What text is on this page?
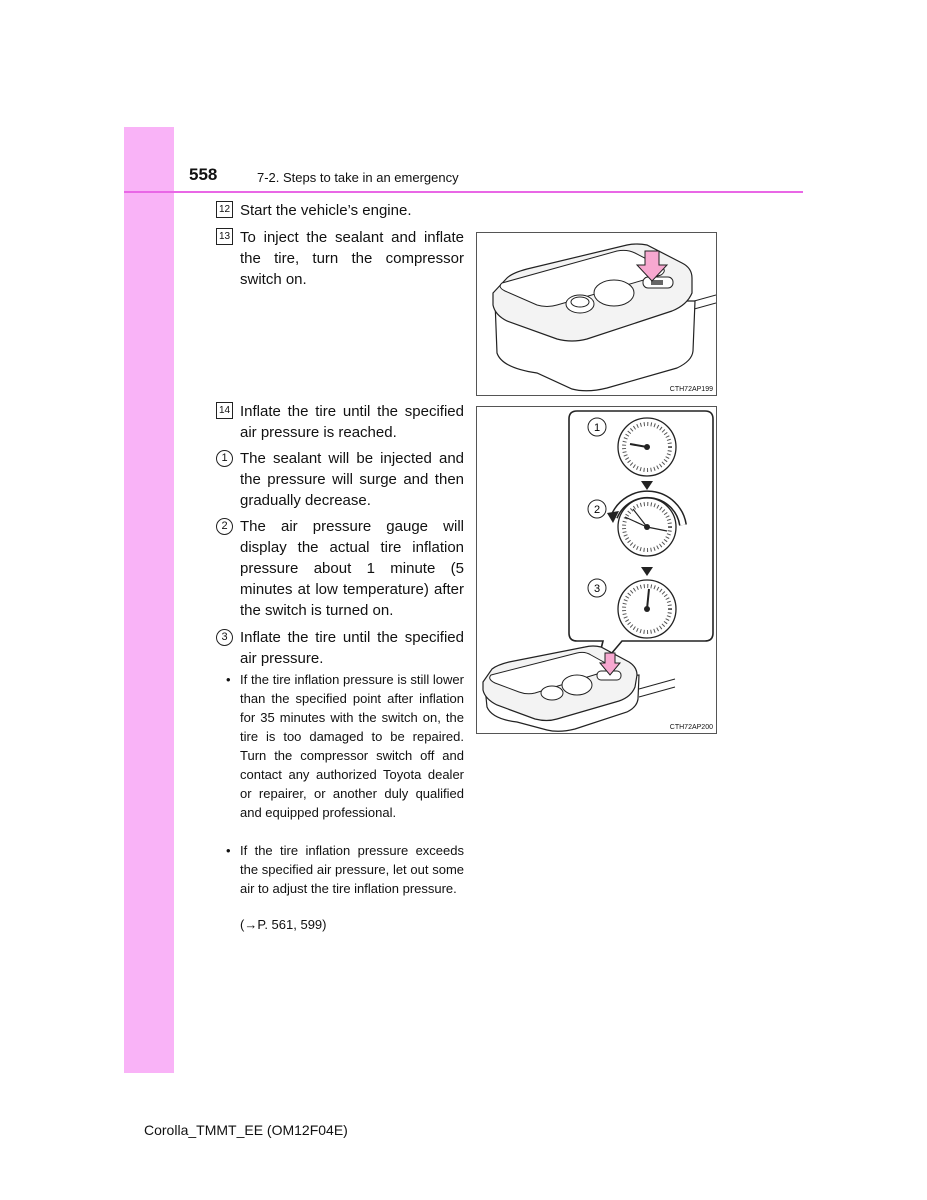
558	7-2. Steps to take in an emergency
12 Start the vehicle’s engine.
13 To inject the sealant and inflate the tire, turn the compressor switch on.
14 Inflate the tire until the specified air pressure is reached.
1 The sealant will be injected and the pressure will surge and then gradually decrease.
2 The air pressure gauge will display the actual tire inflation pressure about 1 minute (5 minutes at low temperature) after the switch is turned on.
3 Inflate the tire until the specified air pressure.
• If the tire inflation pressure is still lower than the specified point after inflation for 35 minutes with the switch on, the tire is too damaged to be repaired. Turn the compressor switch off and contact any authorized Toyota dealer or repairer, or another duly qualified and equipped professional.
• If the tire inflation pressure exceeds the specified air pressure, let out some air to adjust the tire inflation pressure.
(→P. 561, 599)
CTH72AP199
1
2
3
CTH72AP200
Corolla_TMMT_EE (OM12F04E)
